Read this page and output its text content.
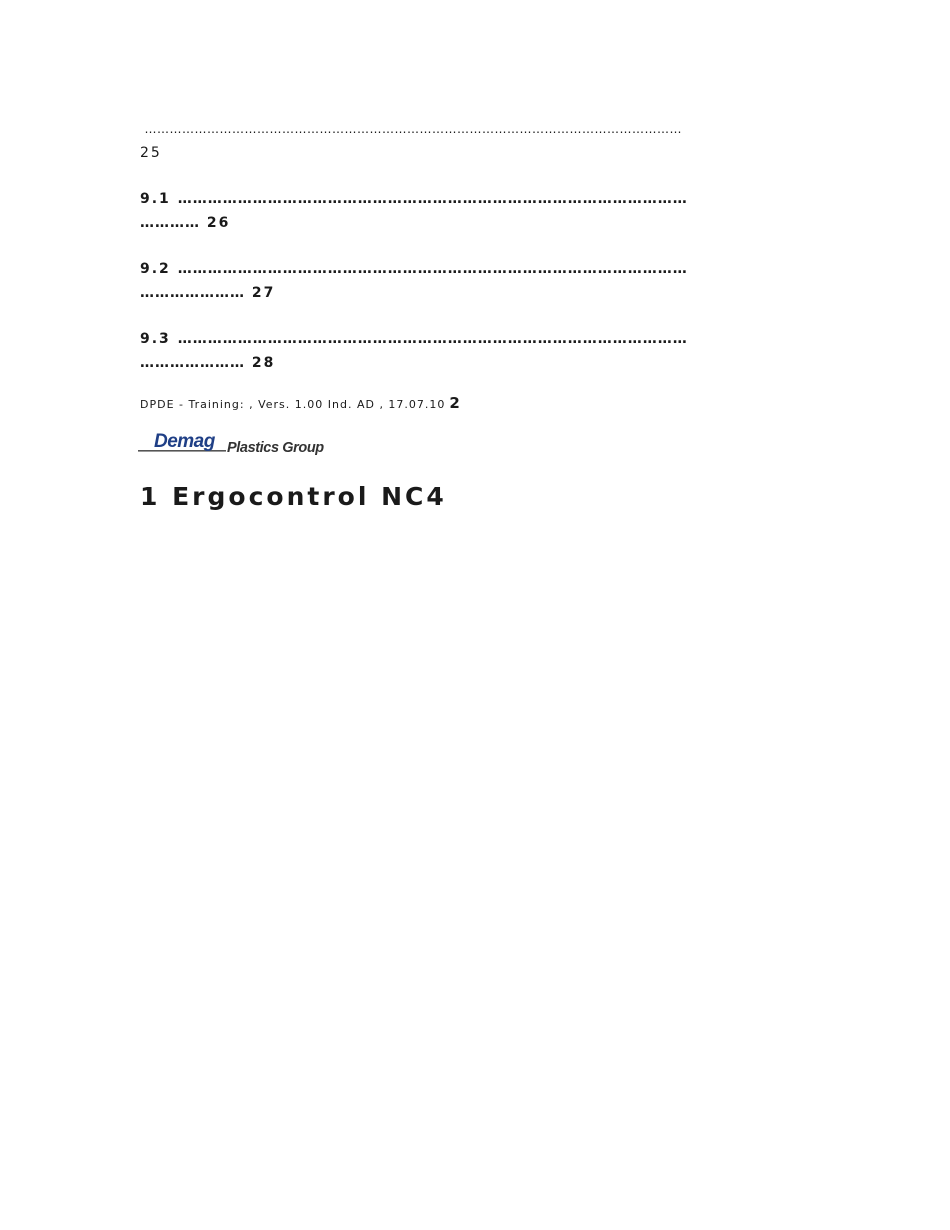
…………………………………………………………………………………………………………………
25
9.1 …………………………………………………………………………………………
………… 26
9.2 …………………………………………………………………………………………
………………… 27
9.3 …………………………………………………………………………………………
………………… 28
DPDE - Training: , Vers. 1.00 Ind. AD , 17.07.10 2
Demag Plastics Group
1 Ergocontrol NC4
